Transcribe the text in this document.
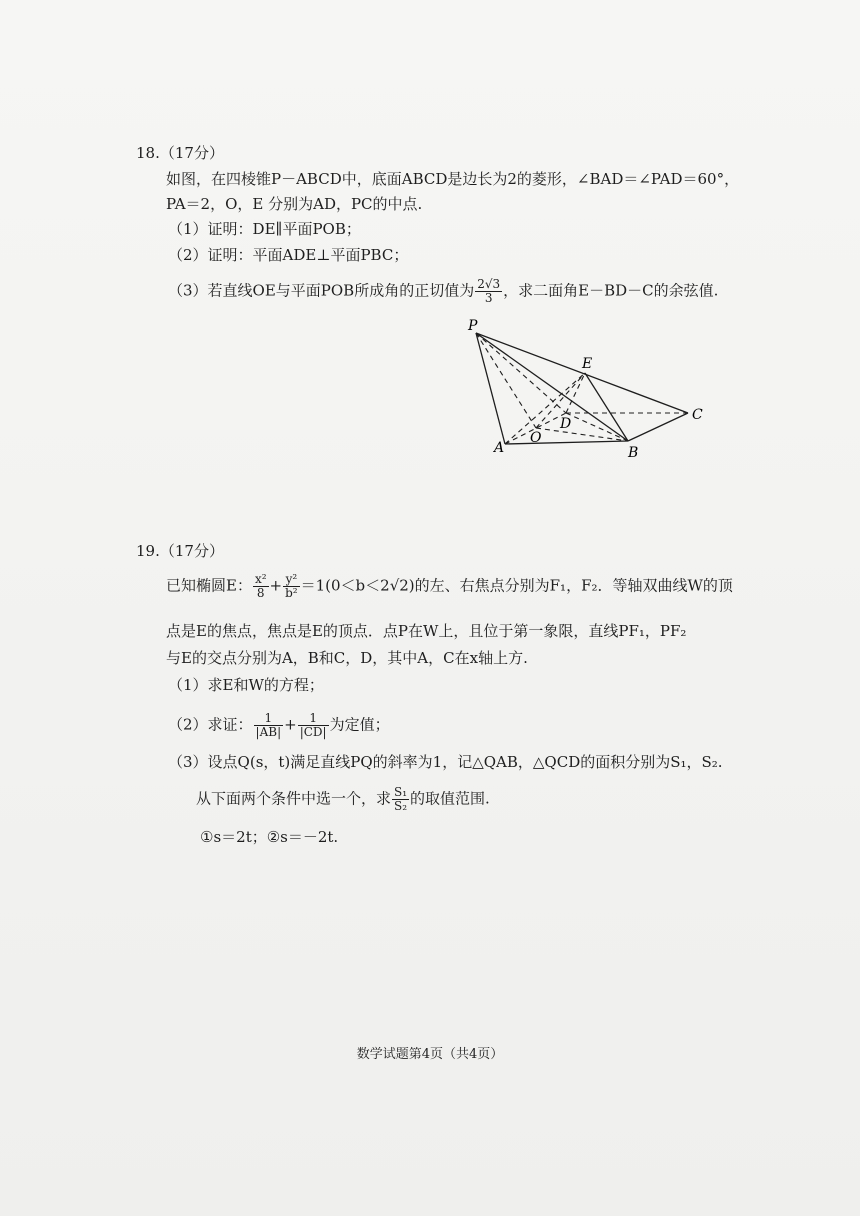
18.（17分）
如图，在四棱锥P－ABCD中，底面ABCD是边长为2的菱形，∠BAD＝∠PAD＝60°，
PA＝2，O，E 分别为AD，PC的中点.
（1）证明：DE∥平面POB；
（2）证明：平面ADE⊥平面PBC；
（3）若直线OE与平面POB所成角的正切值为 $\frac{2√3}{3}$ ，求二面角E－BD－C的余弦值.
P
E
C
D
O
A	B
19.（17分）
已知椭圆E： $\frac{\text{x²}}{8} + \frac{\text{y²}}{\text{b²}} =1(0<b<2√2)$的左、右焦点分别为F₁，F₂．等轴双曲线W的顶
点是E的焦点，焦点是E的顶点．点P在W上，且位于第一象限，直线PF₁，PF₂
与E的交点分别为A，B和C，D，其中A，C在x轴上方.
（1）求E和W的方程；
（2）求证： $\frac{1}{|AB|} + \frac{1}{|CD|}$ 为定值；
（3）设点Q(s，t)满足直线PQ的斜率为1，记△QAB，△QCD的面积分别为S₁，S₂.
从下面两个条件中选一个，求 $\frac{\text{S₁}}{\text{S₂}}$ 的取值范围.
①s＝2t；②s＝－2t.
数学试题第4页（共4页）
